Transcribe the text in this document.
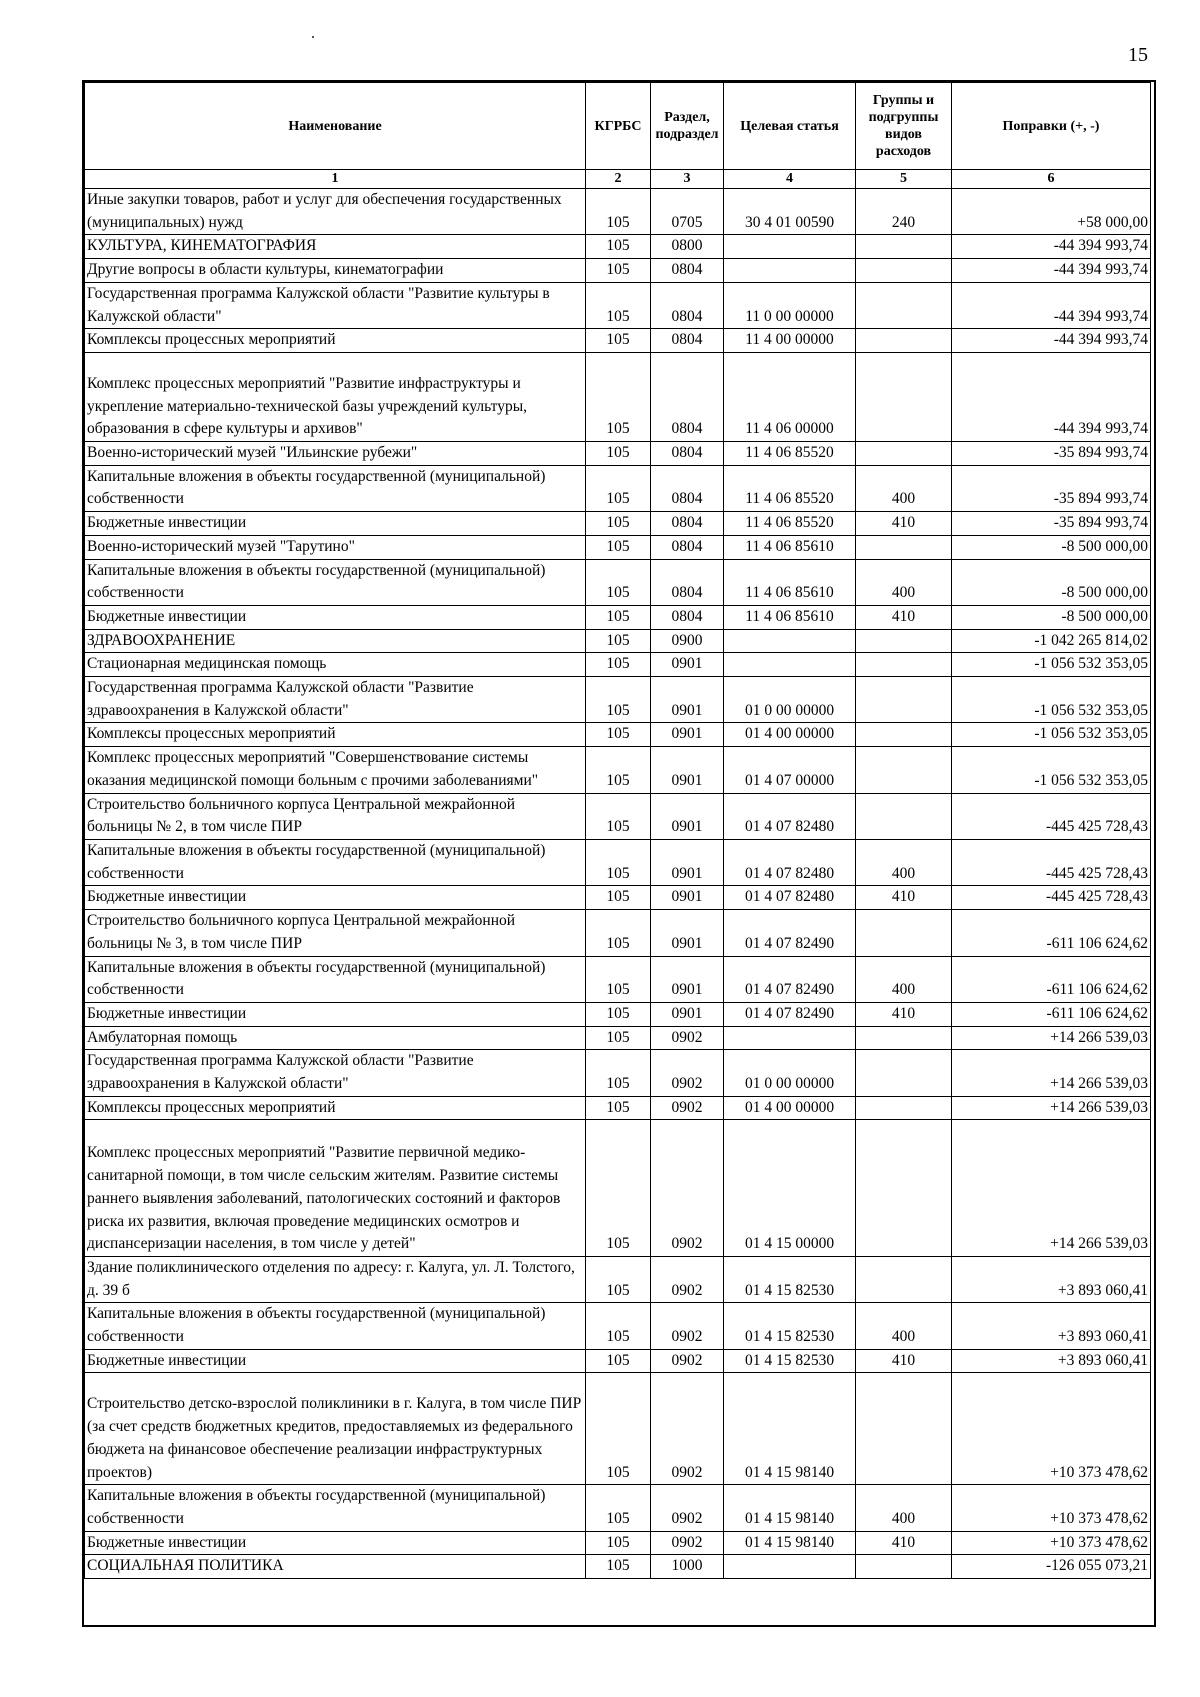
15
Наименование	КГРБС	Раздел, подраздел	Целевая статья	Группы и подгруппы видов расходов	Поправки (+, -)
1	2	3	4	5	6
Иные закупки товаров, работ и услуг для обеспечения государственных (муниципальных) нужд	105	0705	30 4 01 00590	240	+58 000,00
КУЛЬТУРА, КИНЕМАТОГРАФИЯ	105	0800			-44 394 993,74
Другие вопросы в области культуры, кинематографии	105	0804			-44 394 993,74
Государственная программа Калужской области "Развитие культуры в Калужской области"	105	0804	11 0 00 00000		-44 394 993,74
Комплексы процессных мероприятий	105	0804	11 4 00 00000		-44 394 993,74
Комплекс процессных мероприятий "Развитие инфраструктуры и укрепление материально-технической базы учреждений культуры, образования в сфере культуры и архивов"	105	0804	11 4 06 00000		-44 394 993,74
Военно-исторический музей "Ильинские рубежи"	105	0804	11 4 06 85520		-35 894 993,74
Капитальные вложения в объекты государственной (муниципальной) собственности	105	0804	11 4 06 85520	400	-35 894 993,74
Бюджетные инвестиции	105	0804	11 4 06 85520	410	-35 894 993,74
Военно-исторический музей "Тарутино"	105	0804	11 4 06 85610		-8 500 000,00
Капитальные вложения в объекты государственной (муниципальной) собственности	105	0804	11 4 06 85610	400	-8 500 000,00
Бюджетные инвестиции	105	0804	11 4 06 85610	410	-8 500 000,00
ЗДРАВООХРАНЕНИЕ	105	0900			-1 042 265 814,02
Стационарная медицинская помощь	105	0901			-1 056 532 353,05
Государственная программа Калужской области "Развитие здравоохранения в Калужской области"	105	0901	01 0 00 00000		-1 056 532 353,05
Комплексы процессных мероприятий	105	0901	01 4 00 00000		-1 056 532 353,05
Комплекс процессных мероприятий "Совершенствование системы оказания медицинской помощи больным с прочими заболеваниями"	105	0901	01 4 07 00000		-1 056 532 353,05
Строительство больничного корпуса Центральной межрайонной больницы № 2, в том числе ПИР	105	0901	01 4 07 82480		-445 425 728,43
Капитальные вложения в объекты государственной (муниципальной) собственности	105	0901	01 4 07 82480	400	-445 425 728,43
Бюджетные инвестиции	105	0901	01 4 07 82480	410	-445 425 728,43
Строительство больничного корпуса Центральной межрайонной больницы № 3, в том числе ПИР	105	0901	01 4 07 82490		-611 106 624,62
Капитальные вложения в объекты государственной (муниципальной) собственности	105	0901	01 4 07 82490	400	-611 106 624,62
Бюджетные инвестиции	105	0901	01 4 07 82490	410	-611 106 624,62
Амбулаторная помощь	105	0902			+14 266 539,03
Государственная программа Калужской области "Развитие здравоохранения в Калужской области"	105	0902	01 0 00 00000		+14 266 539,03
Комплексы процессных мероприятий	105	0902	01 4 00 00000		+14 266 539,03
Комплекс процессных мероприятий "Развитие первичной медико-санитарной помощи, в том числе сельским жителям. Развитие системы раннего выявления заболеваний, патологических состояний и факторов риска их развития, включая проведение медицинских осмотров и диспансеризации населения, в том числе у детей"	105	0902	01 4 15 00000		+14 266 539,03
Здание поликлинического отделения по адресу: г. Калуга, ул. Л. Толстого, д. 39 б	105	0902	01 4 15 82530		+3 893 060,41
Капитальные вложения в объекты государственной (муниципальной) собственности	105	0902	01 4 15 82530	400	+3 893 060,41
Бюджетные инвестиции	105	0902	01 4 15 82530	410	+3 893 060,41
Строительство детско-взрослой поликлиники в г. Калуга, в том числе ПИР (за счет средств бюджетных кредитов, предоставляемых из федерального бюджета на финансовое обеспечение реализации инфраструктурных проектов)	105	0902	01 4 15 98140		+10 373 478,62
Капитальные вложения в объекты государственной (муниципальной) собственности	105	0902	01 4 15 98140	400	+10 373 478,62
Бюджетные инвестиции	105	0902	01 4 15 98140	410	+10 373 478,62
СОЦИАЛЬНАЯ ПОЛИТИКА	105	1000			-126 055 073,21
